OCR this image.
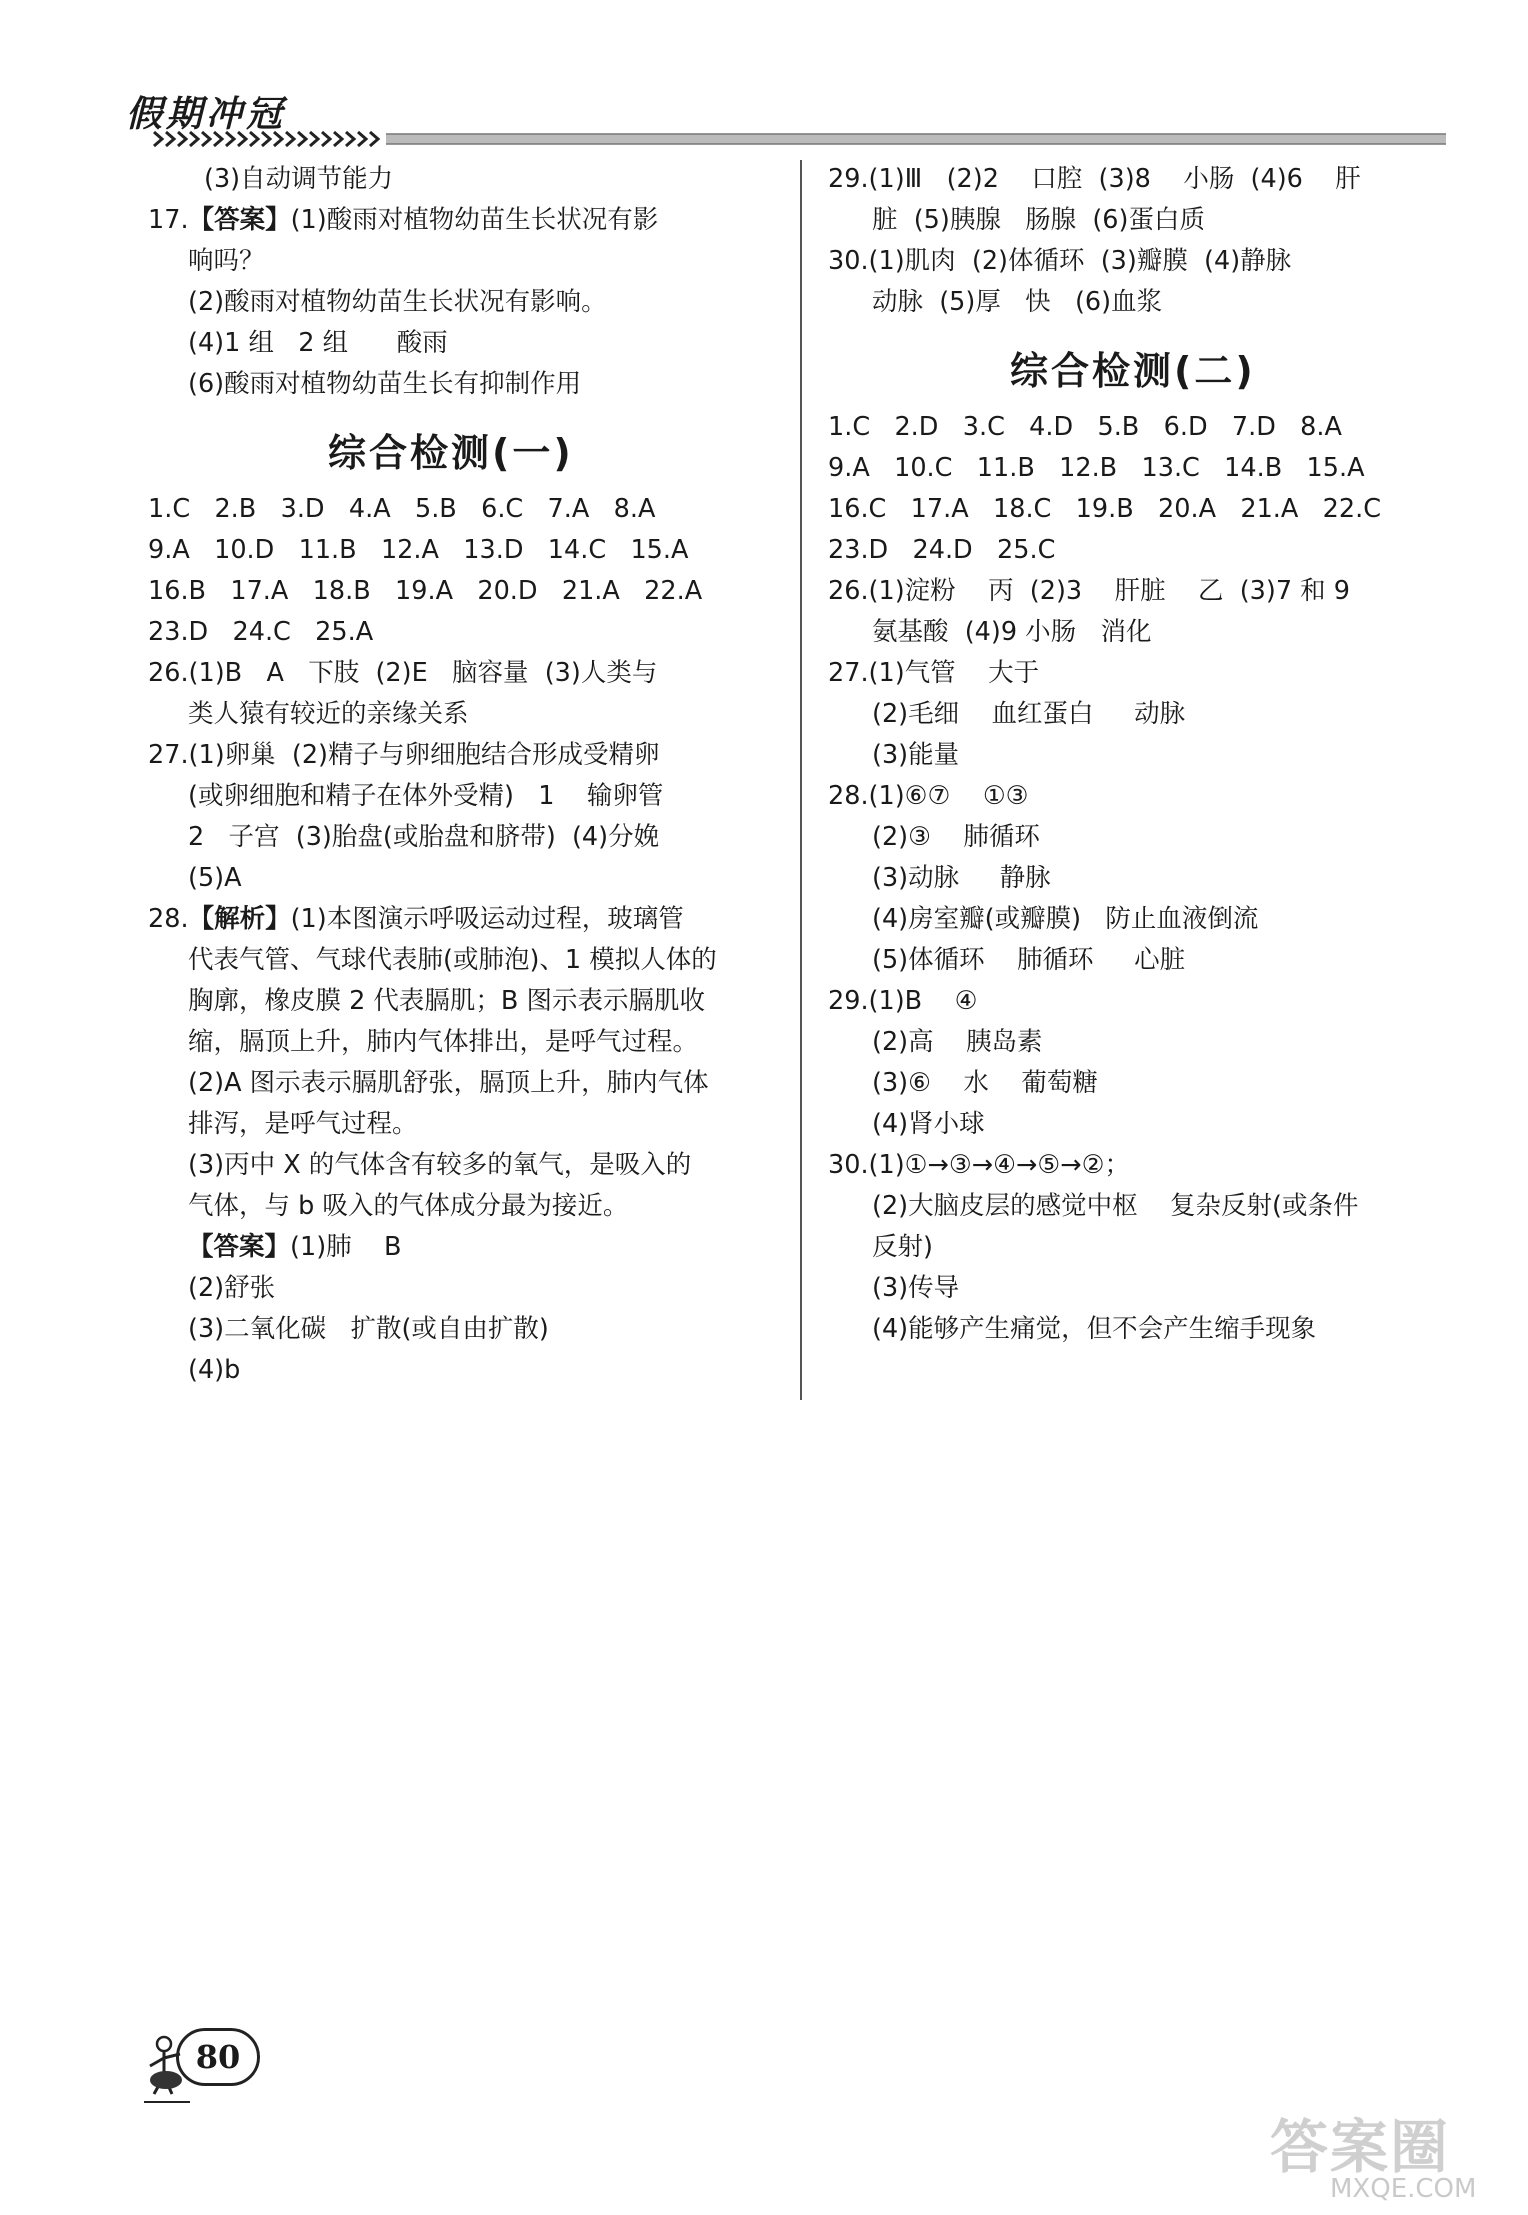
假期冲冠
(3)自动调节能力
17.【答案】(1)酸雨对植物幼苗生长状况有影
响吗？
(2)酸雨对植物幼苗生长状况有影响。
(4)1 组   2 组      酸雨
(6)酸雨对植物幼苗生长有抑制作用
综合检测(一)
1.C   2.B   3.D   4.A   5.B   6.C   7.A   8.A
9.A   10.D   11.B   12.A   13.D   14.C   15.A
16.B   17.A   18.B   19.A   20.D   21.A   22.A
23.D   24.C   25.A
26.(1)B   A   下肢  (2)E   脑容量  (3)人类与
类人猿有较近的亲缘关系
27.(1)卵巢  (2)精子与卵细胞结合形成受精卵
(或卵细胞和精子在体外受精)   1    输卵管
2   子宫  (3)胎盘(或胎盘和脐带)  (4)分娩
(5)A
28.【解析】(1)本图演示呼吸运动过程，玻璃管
代表气管、气球代表肺(或肺泡)、1 模拟人体的
胸廓，橡皮膜 2 代表膈肌；B 图示表示膈肌收
缩，膈顶上升，肺内气体排出，是呼气过程。
(2)A 图示表示膈肌舒张，膈顶上升，肺内气体
排泻，是呼气过程。
(3)丙中 X 的气体含有较多的氧气，是吸入的
气体，与 b 吸入的气体成分最为接近。
【答案】(1)肺    B
(2)舒张
(3)二氧化碳   扩散(或自由扩散)
(4)b
29.(1)Ⅲ   (2)2    口腔  (3)8    小肠  (4)6    肝
脏  (5)胰腺   肠腺  (6)蛋白质
30.(1)肌肉  (2)体循环  (3)瓣膜  (4)静脉
动脉  (5)厚   快   (6)血浆
综合检测(二)
1.C   2.D   3.C   4.D   5.B   6.D   7.D   8.A
9.A   10.C   11.B   12.B   13.C   14.B   15.A
16.C   17.A   18.C   19.B   20.A   21.A   22.C
23.D   24.D   25.C
26.(1)淀粉    丙  (2)3    肝脏    乙  (3)7 和 9
氨基酸  (4)9 小肠   消化
27.(1)气管    大于
(2)毛细    血红蛋白     动脉
(3)能量
28.(1)⑥⑦    ①③
(2)③    肺循环
(3)动脉     静脉
(4)房室瓣(或瓣膜)   防止血液倒流
(5)体循环    肺循环     心脏
29.(1)B    ④
(2)高    胰岛素
(3)⑥    水    葡萄糖
(4)肾小球
30.(1)①→③→④→⑤→②；
(2)大脑皮层的感觉中枢    复杂反射(或条件
反射)
(3)传导
(4)能够产生痛觉，但不会产生缩手现象
80
答案圈
MXQE.COM
